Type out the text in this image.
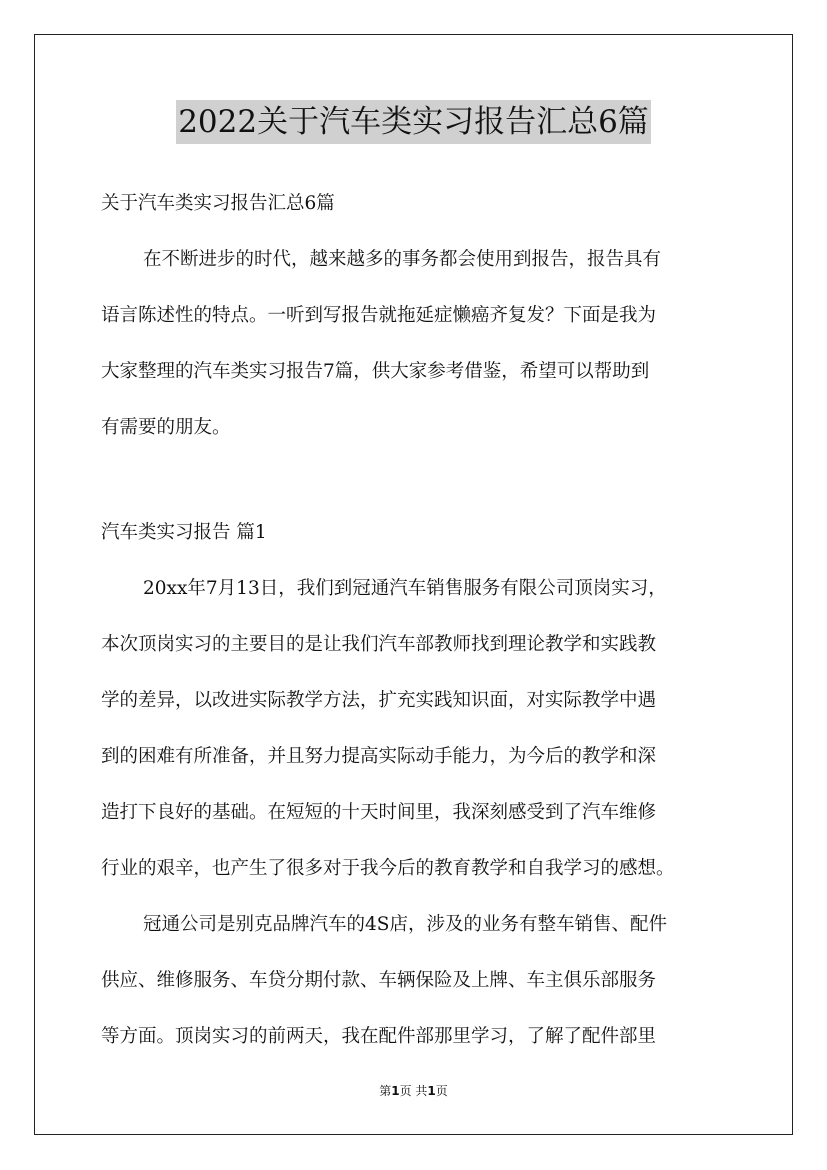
2022关于汽车类实习报告汇总6篇
关于汽车类实习报告汇总6篇
在不断进步的时代，越来越多的事务都会使用到报告，报告具有
语言陈述性的特点。一听到写报告就拖延症懒癌齐复发？下面是我为
大家整理的汽车类实习报告7篇，供大家参考借鉴，希望可以帮助到
有需要的朋友。
汽车类实习报告 篇1
20xx年7月13日，我们到冠通汽车销售服务有限公司顶岗实习，
本次顶岗实习的主要目的是让我们汽车部教师找到理论教学和实践教
学的差异，以改进实际教学方法，扩充实践知识面，对实际教学中遇
到的困难有所准备，并且努力提高实际动手能力，为今后的教学和深
造打下良好的基础。在短短的十天时间里，我深刻感受到了汽车维修
行业的艰辛，也产生了很多对于我今后的教育教学和自我学习的感想。
冠通公司是别克品牌汽车的4S店，涉及的业务有整车销售、配件
供应、维修服务、车贷分期付款、车辆保险及上牌、车主俱乐部服务
等方面。顶岗实习的前两天，我在配件部那里学习，了解了配件部里
第1页 共1页
